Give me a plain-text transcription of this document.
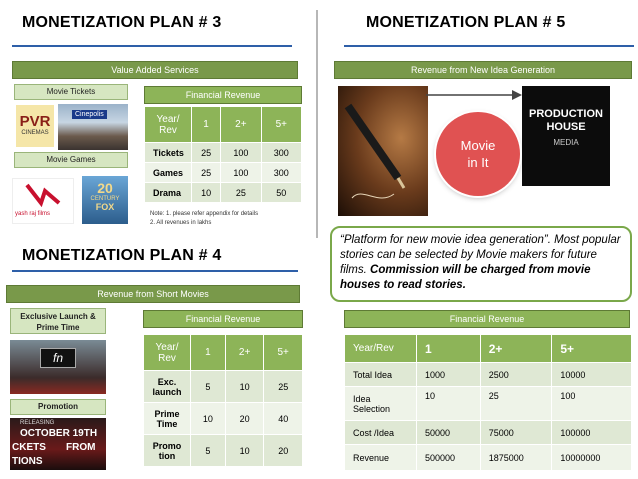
MONETIZATION PLAN # 3
Value Added Services
Movie Tickets
PVR
CINEMAS
Cinepolis
Movie Games
yash raj films
20
CENTURY
FOX
Financial Revenue
Year/
Rev	1	2+	5+
Tickets	25	100	300
Games	25	100	300
Drama	10	25	50
Note: 1. please refer appendix for details
2. All revenues in lakhs
MONETIZATION PLAN # 4
Revenue from Short Movies
Exclusive Launch &
Prime Time
fn
Promotion
RELEASING
OCTOBER 19TH
CKETS FROM
TIONS
Financial Revenue
Year/
Rev	1	2+	5+
Exc.
launch	5	10	25
Prime
Time	10	20	40
Promo
tion	5	10	20
MONETIZATION PLAN # 5
Revenue from New Idea Generation
PRODUCTION HOUSE
MEDIA
Movie
in It
“Platform for new movie idea generation”. Most popular stories can be selected by Movie makers for future films. Commission will be charged from movie houses to read stories.
Financial Revenue
Year/Rev	1	2+	5+
Total Idea	1000	2500	10000
Idea
Selection	10	25	100
Cost /Idea	50000	75000	100000
Revenue	500000	1875000	10000000
